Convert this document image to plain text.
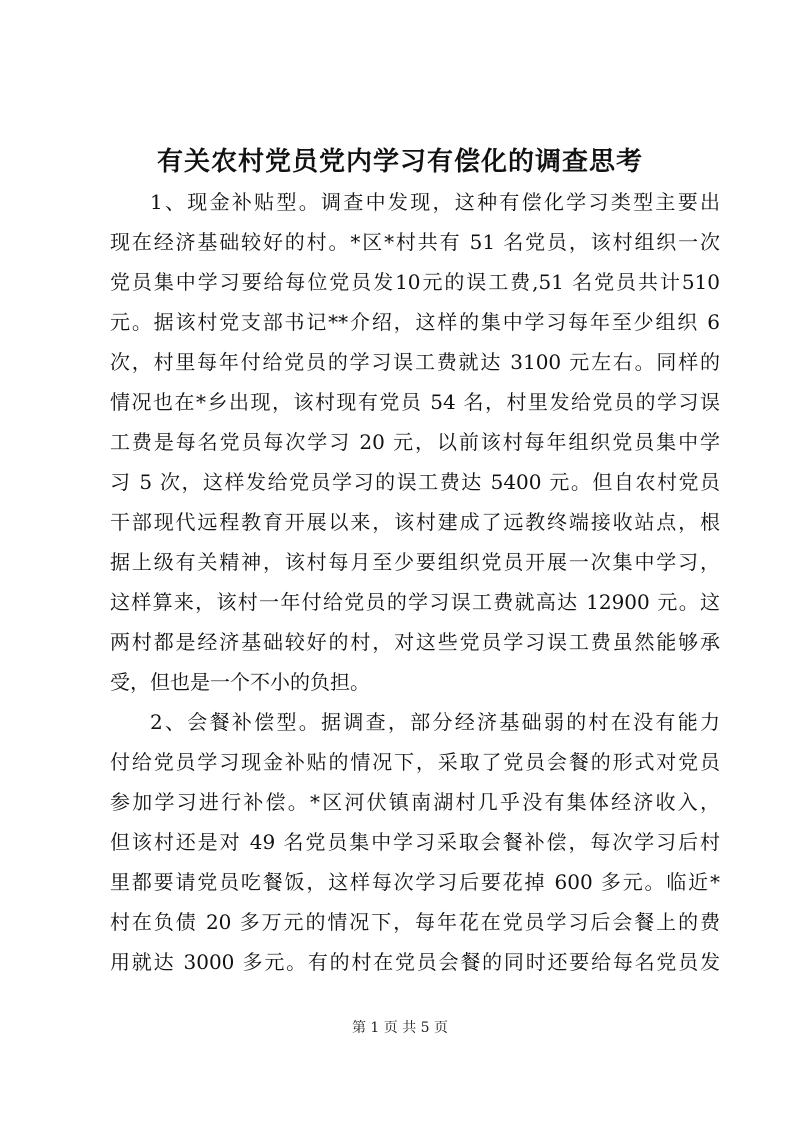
有关农村党员党内学习有偿化的调查思考
1、现金补贴型。调查中发现，这种有偿化学习类型主要出
现在经济基础较好的村。*区*村共有 51 名党员，该村组织一次
党员集中学习要给每位党员发10元的误工费,51 名党员共计510
元。据该村党支部书记**介绍，这样的集中学习每年至少组织 6
次，村里每年付给党员的学习误工费就达 3100 元左右。同样的
情况也在*乡出现，该村现有党员 54 名，村里发给党员的学习误
工费是每名党员每次学习 20 元，以前该村每年组织党员集中学
习 5 次，这样发给党员学习的误工费达 5400 元。但自农村党员
干部现代远程教育开展以来，该村建成了远教终端接收站点，根
据上级有关精神，该村每月至少要组织党员开展一次集中学习，
这样算来，该村一年付给党员的学习误工费就高达 12900 元。这
两村都是经济基础较好的村，对这些党员学习误工费虽然能够承
受，但也是一个不小的负担。
2、会餐补偿型。据调查，部分经济基础弱的村在没有能力
付给党员学习现金补贴的情况下，采取了党员会餐的形式对党员
参加学习进行补偿。*区河伏镇南湖村几乎没有集体经济收入，
但该村还是对 49 名党员集中学习采取会餐补偿，每次学习后村
里都要请党员吃餐饭，这样每次学习后要花掉 600 多元。临近*
村在负债 20 多万元的情况下，每年花在党员学习后会餐上的费
用就达 3000 多元。有的村在党员会餐的同时还要给每名党员发
第 1 页 共 5 页
